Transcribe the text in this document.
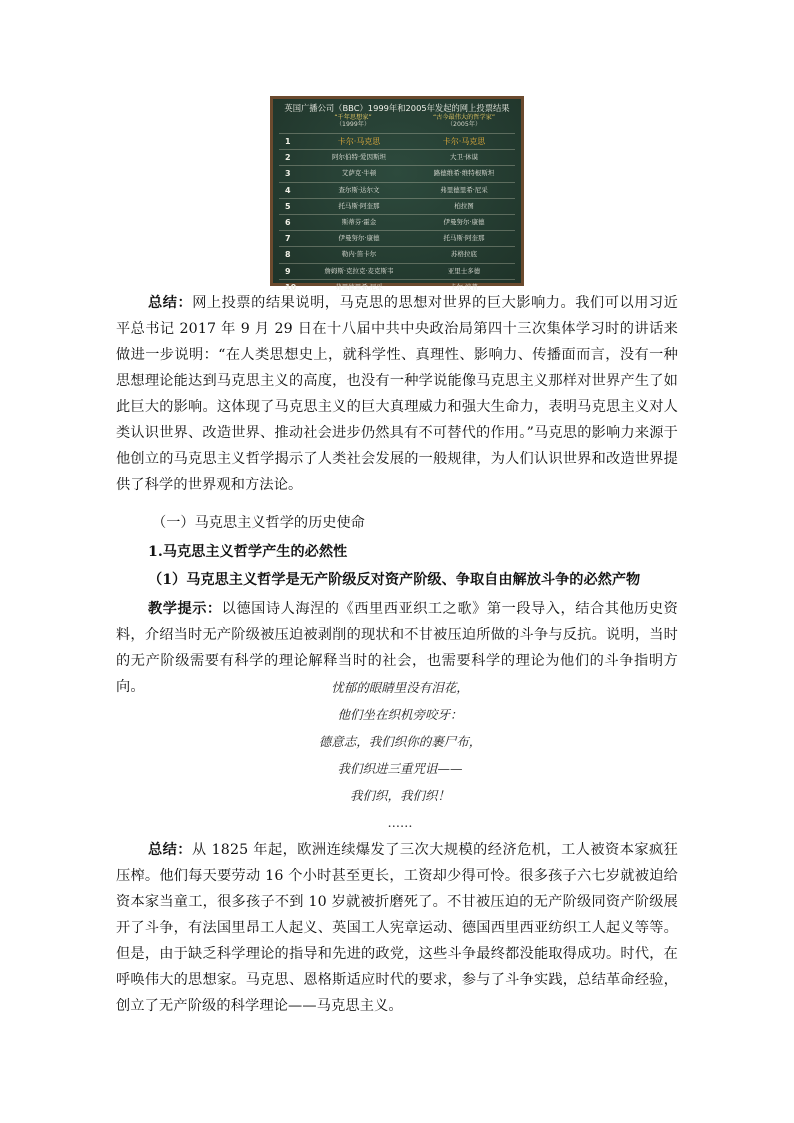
英国广播公司（BBC）1999年和2005年发起的网上投票结果
“千年思想家”
（1999年）
“古今最伟大的哲学家”
（2005年）
1	卡尔·马克思	卡尔·马克思
2	阿尔伯特·爱因斯坦	大卫·休谟
3	艾萨克·牛顿	路德维希·维特根斯坦
4	查尔斯·达尔文	弗里德里希·尼采
5	托马斯·阿奎那	柏拉图
6	斯蒂芬·霍金	伊曼努尔·康德
7	伊曼努尔·康德	托马斯·阿奎那
8	勒内·笛卡尔	苏格拉底
9	詹姆斯·克拉克·麦克斯韦	亚里士多德
10	弗里德里希·尼采	卡尔·波普

总结：网上投票的结果说明，马克思的思想对世界的巨大影响力。我们可以用习近平总书记 2017 年 9 月 29 日在十八届中共中央政治局第四十三次集体学习时的讲话来做进一步说明：“在人类思想史上，就科学性、真理性、影响力、传播面而言，没有一种思想理论能达到马克思主义的高度，也没有一种学说能像马克思主义那样对世界产生了如此巨大的影响。这体现了马克思主义的巨大真理威力和强大生命力，表明马克思主义对人类认识世界、改造世界、推动社会进步仍然具有不可替代的作用。”马克思的影响力来源于他创立的马克思主义哲学揭示了人类社会发展的一般规律，为人们认识世界和改造世界提供了科学的世界观和方法论。

（一）马克思主义哲学的历史使命
1.马克思主义哲学产生的必然性
（1）马克思主义哲学是无产阶级反对资产阶级、争取自由解放斗争的必然产物

教学提示：以德国诗人海涅的《西里西亚织工之歌》第一段导入，结合其他历史资料，介绍当时无产阶级被压迫被剥削的现状和不甘被压迫所做的斗争与反抗。说明，当时的无产阶级需要有科学的理论解释当时的社会，也需要科学的理论为他们的斗争指明方向。	忧郁的眼睛里没有泪花，
他们坐在织机旁咬牙：
德意志，我们织你的裹尸布，
我们织进三重咒诅——
我们织，我们织！
……

总结：从 1825 年起，欧洲连续爆发了三次大规模的经济危机，工人被资本家疯狂压榨。他们每天要劳动 16 个小时甚至更长，工资却少得可怜。很多孩子六七岁就被迫给资本家当童工，很多孩子不到 10 岁就被折磨死了。不甘被压迫的无产阶级同资产阶级展开了斗争，有法国里昂工人起义、英国工人宪章运动、德国西里西亚纺织工人起义等等。但是，由于缺乏科学理论的指导和先进的政党，这些斗争最终都没能取得成功。时代，在呼唤伟大的思想家。马克思、恩格斯适应时代的要求，参与了斗争实践，总结革命经验，创立了无产阶级的科学理论——马克思主义。
